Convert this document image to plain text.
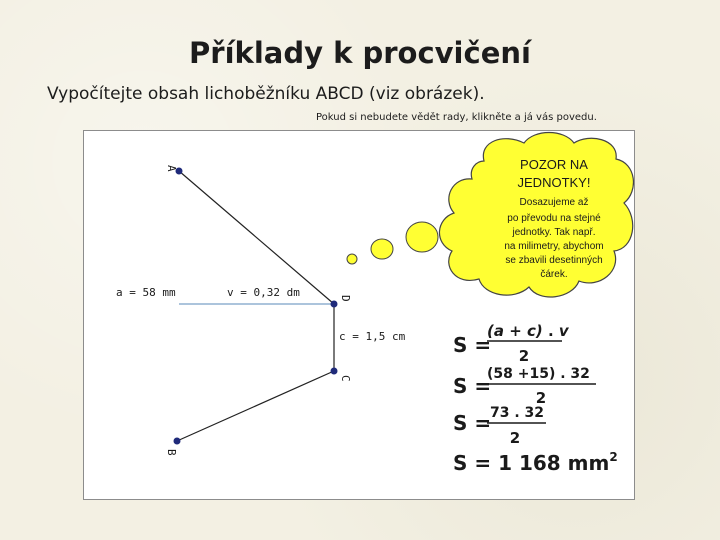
Příklady k procvičení
Vypočítejte obsah lichoběžníku ABCD (viz obrázek).
Pokud si nebudete vědět rady, klikněte a já vás povedu.
A
D
C
B
a = 58 mm	v = 0,32 dm
c = 1,5 cm
POZOR NA
JEDNOTKY!
Dosazujeme až
po převodu na stejné
jednotky. Tak např.
na milimetry, abychom
se zbavili desetinných
čárek.
S =
(a + c) . v
2
S =
(58 +15) . 32
2
S =
73 . 32
2
S = 1 168 $mm^2$
